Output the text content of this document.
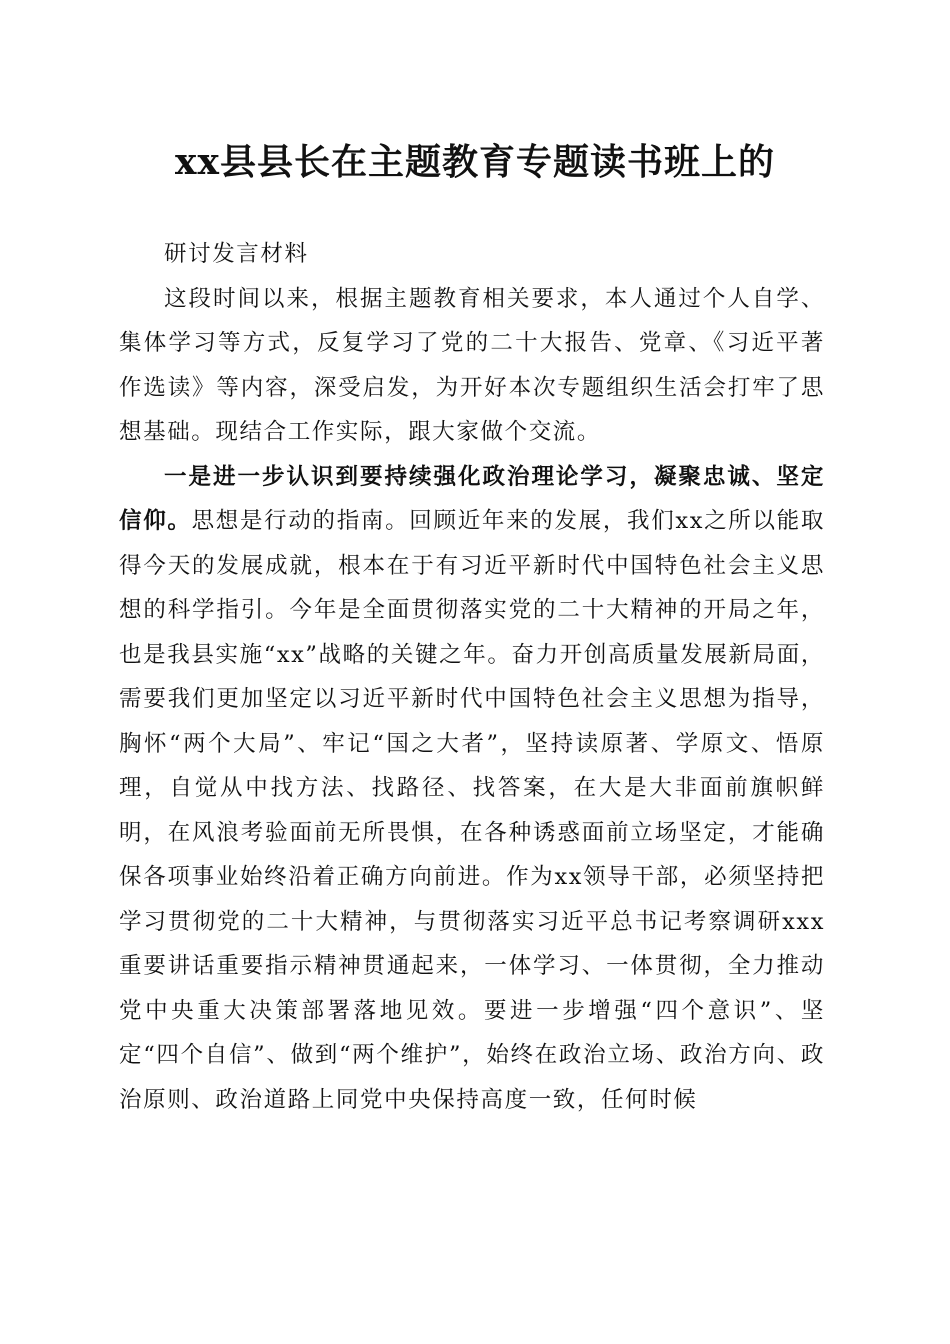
xx县县长在主题教育专题读书班上的

研讨发言材料

这段时间以来，根据主题教育相关要求，本人通过个人自学、集体学习等方式，反复学习了党的二十大报告、党章、《习近平著作选读》等内容，深受启发，为开好本次专题组织生活会打牢了思想基础。现结合工作实际，跟大家做个交流。

一是进一步认识到要持续强化政治理论学习，凝聚忠诚、坚定信仰。思想是行动的指南。回顾近年来的发展，我们xx之所以能取得今天的发展成就，根本在于有习近平新时代中国特色社会主义思想的科学指引。今年是全面贯彻落实党的二十大精神的开局之年，也是我县实施“xx”战略的关键之年。奋力开创高质量发展新局面，需要我们更加坚定以习近平新时代中国特色社会主义思想为指导，胸怀“两个大局”、牢记“国之大者”，坚持读原著、学原文、悟原理，自觉从中找方法、找路径、找答案，在大是大非面前旗帜鲜明，在风浪考验面前无所畏惧，在各种诱惑面前立场坚定，才能确保各项事业始终沿着正确方向前进。作为xx领导干部，必须坚持把学习贯彻党的二十大精神，与贯彻落实习近平总书记考察调研xxx重要讲话重要指示精神贯通起来，一体学习、一体贯彻，全力推动党中央重大决策部署落地见效。要进一步增强“四个意识”、坚定“四个自信”、做到“两个维护”，始终在政治立场、政治方向、政治原则、政治道路上同党中央保持高度一致，任何时候
